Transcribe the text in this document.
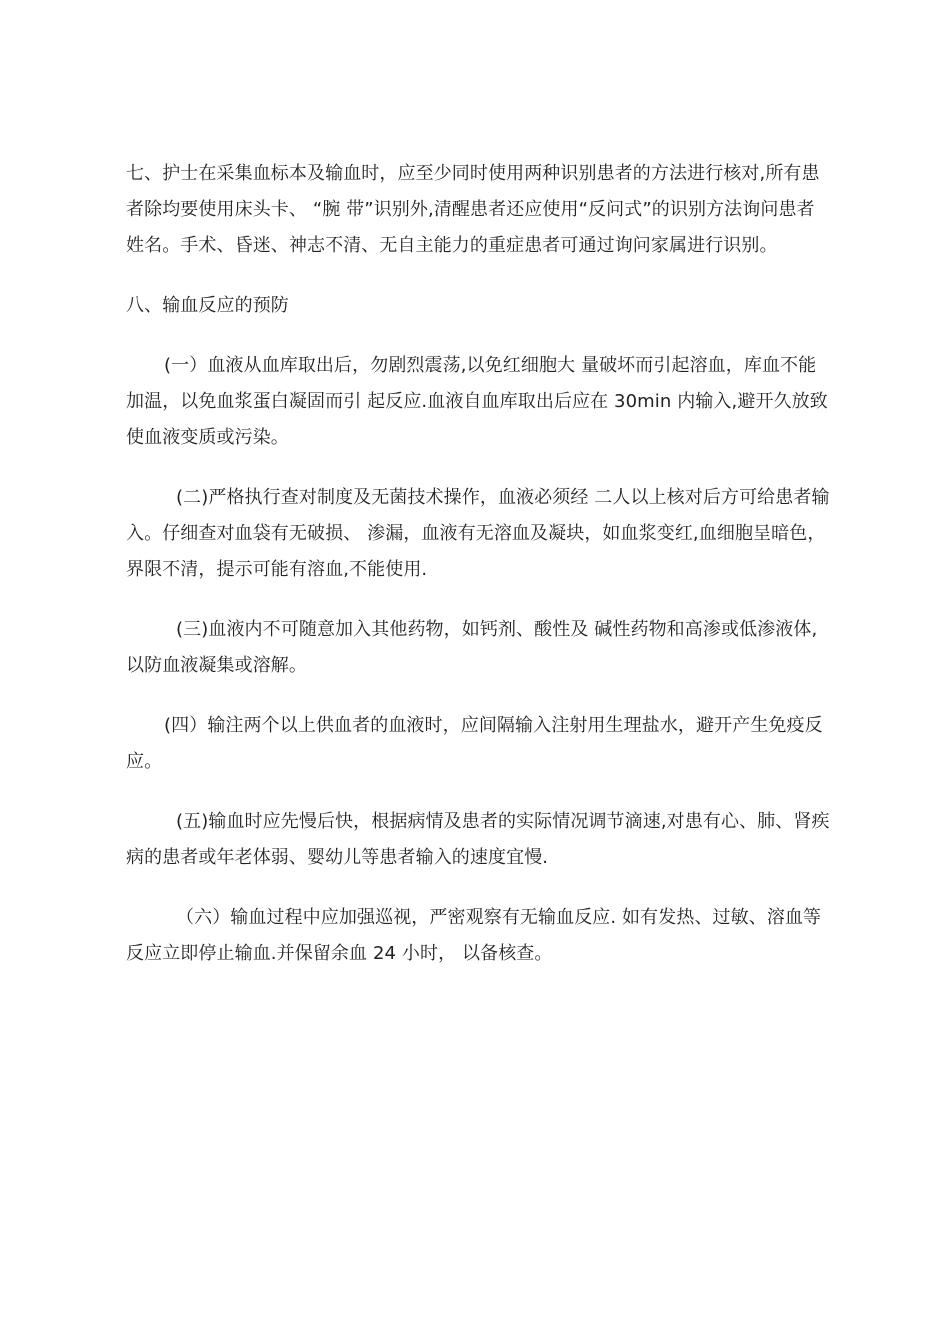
七、护士在采集血标本及输血时，应至少同时使用两种识别患者的方法进行核对,所有患者除均要使用床头卡、 “腕 带”识别外,清醒患者还应使用“反问式”的识别方法询问患者姓名。手术、昏迷、神志不清、无自主能力的重症患者可通过询问家属进行识别。

八、输血反应的预防

(一）血液从血库取出后，勿剧烈震荡,以免红细胞大 量破坏而引起溶血，库血不能加温，以免血浆蛋白凝固而引 起反应.血液自血库取出后应在 30min 内输入,避开久放致使血液变质或污染。

(二)严格执行查对制度及无菌技术操作，血液必须经 二人以上核对后方可给患者输入。仔细查对血袋有无破损、 渗漏，血液有无溶血及凝块，如血浆变红,血细胞呈暗色， 界限不清，提示可能有溶血,不能使用.

(三)血液内不可随意加入其他药物，如钙剂、酸性及 碱性药物和高渗或低渗液体,以防血液凝集或溶解。

(四）输注两个以上供血者的血液时，应间隔输入注射用生理盐水，避开产生免疫反应。

(五)输血时应先慢后快，根据病情及患者的实际情况调节滴速,对患有心、肺、肾疾病的患者或年老体弱、婴幼儿等患者输入的速度宜慢.

（六）输血过程中应加强巡视，严密观察有无输血反应. 如有发热、过敏、溶血等反应立即停止输血.并保留余血 24 小时， 以备核查。
